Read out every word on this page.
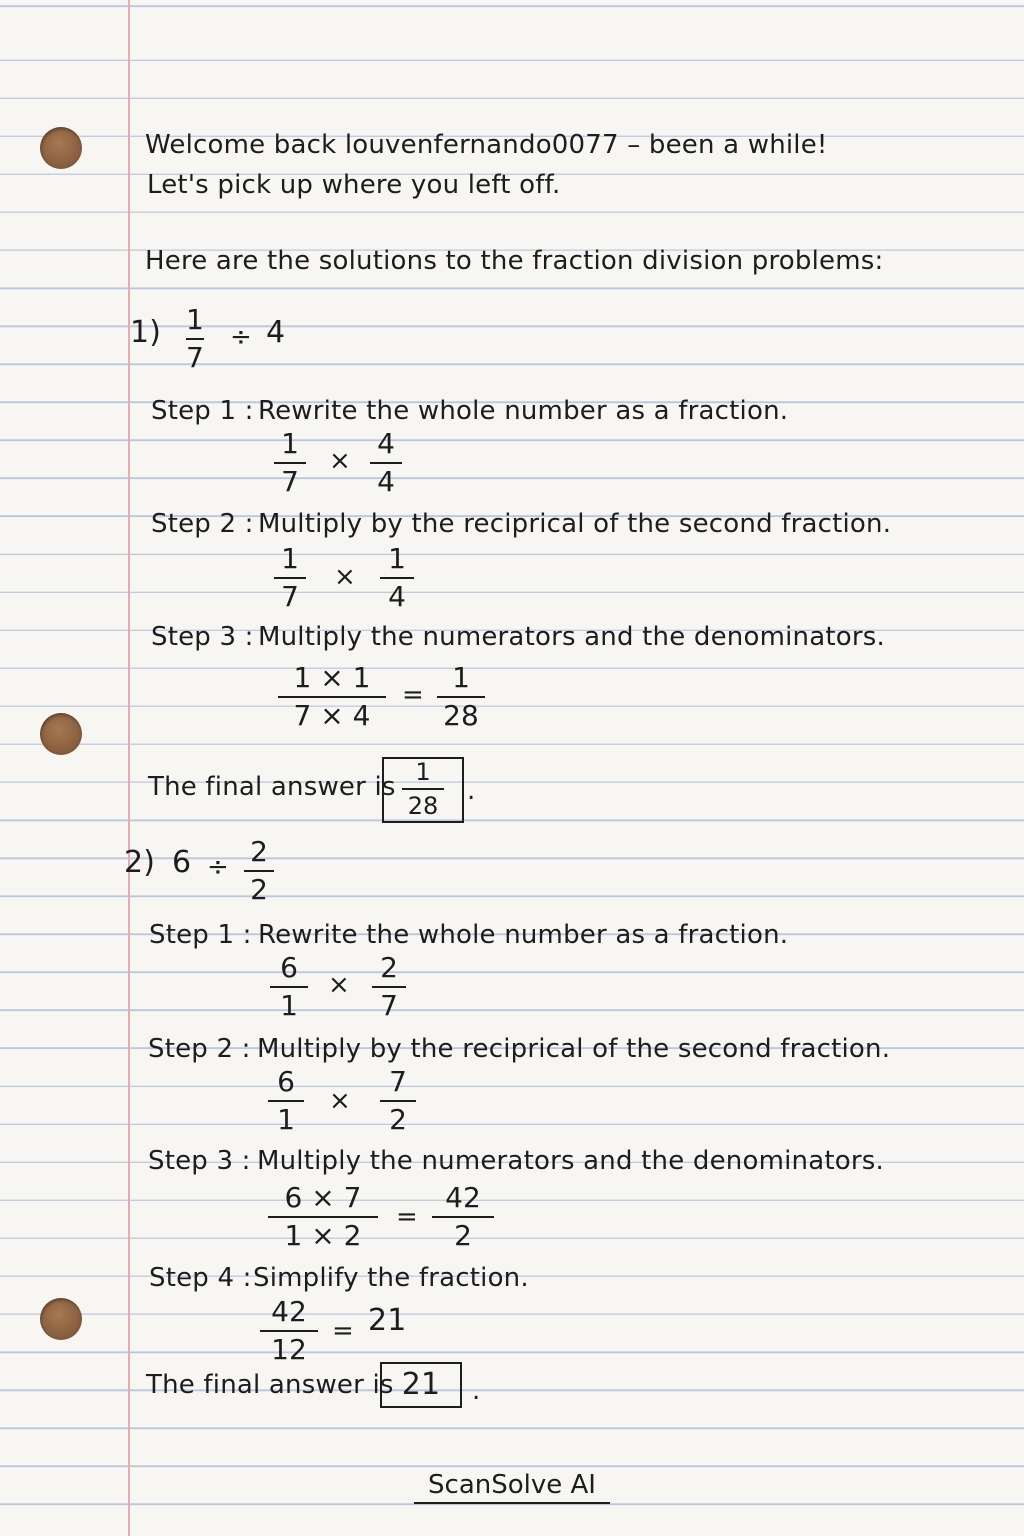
Welcome back louvenfernando0077 – been a while!
Let's pick up where you left off.
Here are the solutions to the fraction division problems:
1) 1
7
÷ 4
Step 1 : Rewrite the whole number as a fraction.
1
7
×
4
4
Step 2 : Multiply by the reciprical of the second fraction.
1
7
×
1
4
Step 3 : Multiply the numerators and the denominators.
1 × 1
7 × 4
=
1
28
The final answer is 1
28 .
2) 6 ÷ 2
2
Step 1 : Rewrite the whole number as a fraction.
6
1
×
2
7
Step 2 : Multiply by the reciprical of the second fraction.
6
1
×
7
2
Step 3 : Multiply the numerators and the denominators.
6 × 7
1 × 2
=
42
2
Step 4 : Simplify the fraction.
42
12
= 21
The final answer is 21	.
ScanSolve AI
